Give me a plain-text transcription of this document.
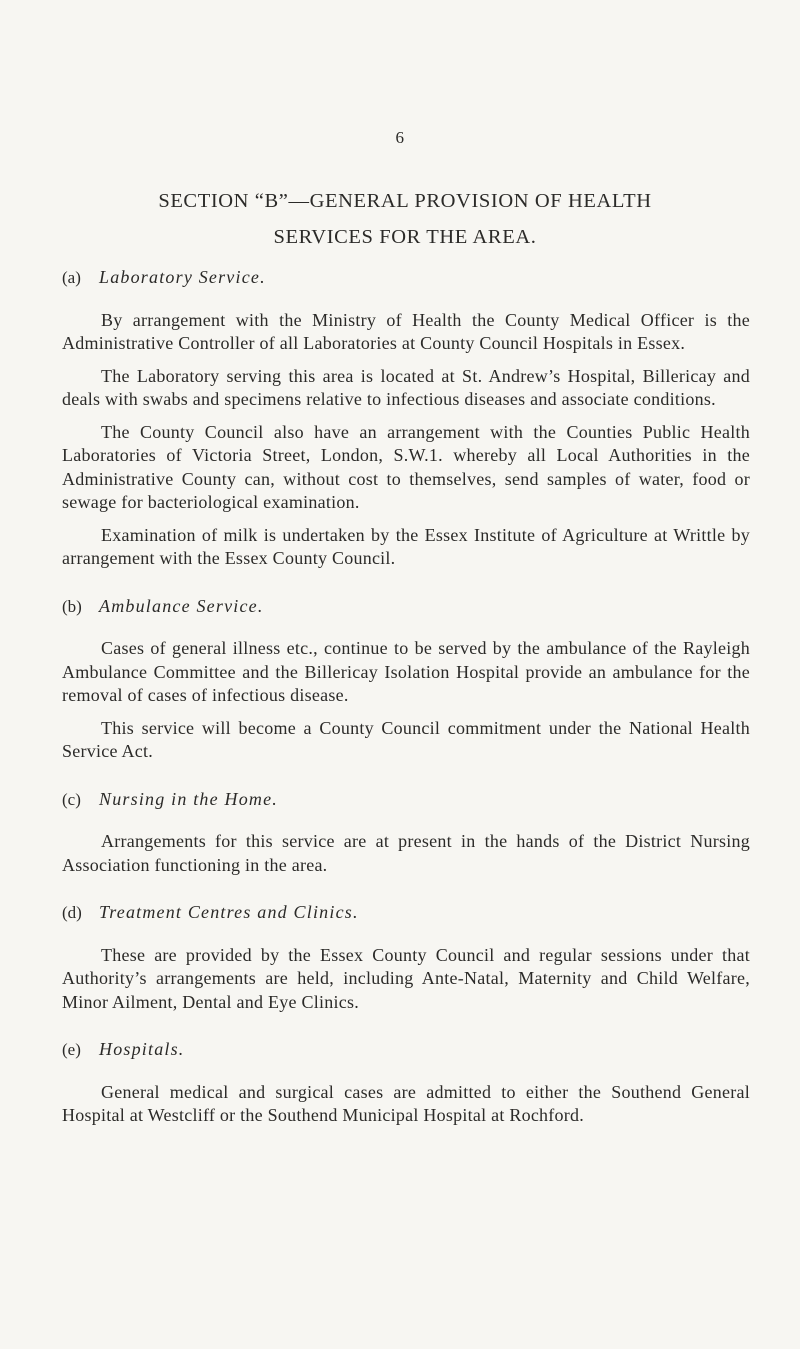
6
SECTION “B”—GENERAL PROVISION OF HEALTH
SERVICES FOR THE AREA.

(a)	Laboratory Service.

By arrangement with the Ministry of Health the County Medical Officer is the Administrative Controller of all Laboratories at County Council Hospitals in Essex.

The Laboratory serving this area is located at St. Andrew’s Hospital, Billericay and deals with swabs and specimens relative to infectious diseases and associate conditions.

The County Council also have an arrangement with the Counties Public Health Laboratories of Victoria Street, London, S.W.1. whereby all Local Authorities in the Administrative County can, without cost to themselves, send samples of water, food or sewage for bacteriological examination.

Examination of milk is undertaken by the Essex Institute of Agriculture at Writtle by arrangement with the Essex County Council.

(b) Ambulance Service.

Cases of general illness etc., continue to be served by the ambulance of the Rayleigh Ambulance Committee and the Billericay Isolation Hospital provide an ambulance for the removal of cases of infectious disease.

This service will become a County Council commitment under the National Health Service Act.

(c)	Nursing in the Home.

Arrangements for this service are at present in the hands of the District Nursing Association functioning in the area.

(d) Treatment Centres and Clinics.

These are provided by the Essex County Council and regular sessions under that Authority’s arrangements are held, including Ante-Natal, Maternity and Child Welfare, Minor Ailment, Dental and Eye Clinics.

(e)	Hospitals.

General medical and surgical cases are admitted to either the Southend General Hospital at Westcliff or the Southend Municipal Hospital at Rochford.
